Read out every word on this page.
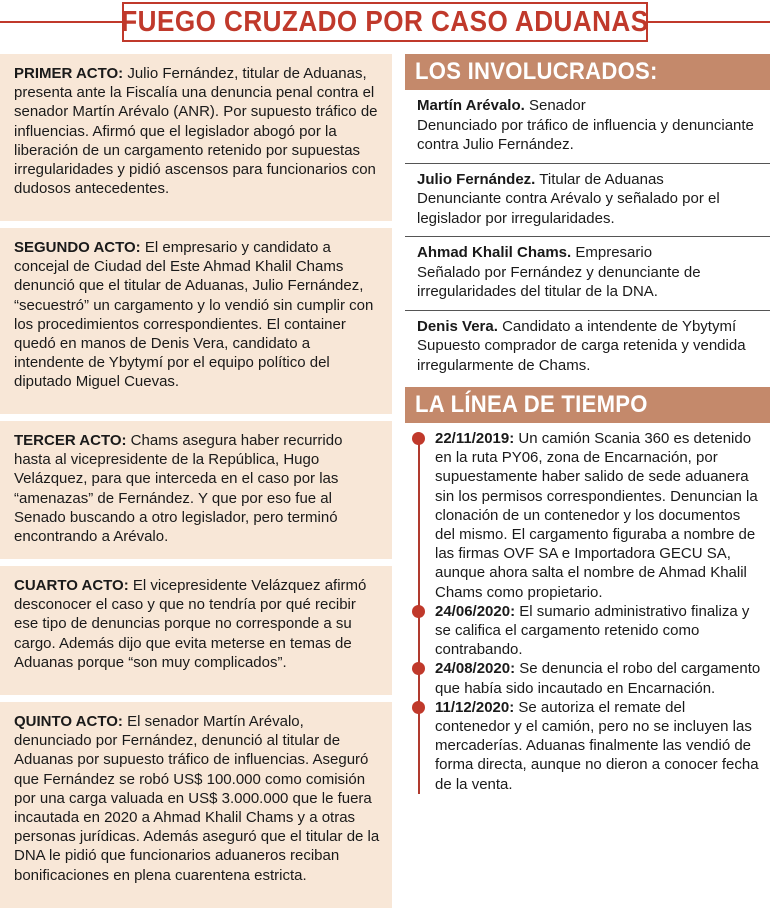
FUEGO CRUZADO POR CASO ADUANAS
PRIMER ACTO: Julio Fernández, titular de Aduanas, presenta ante la Fiscalía una denuncia penal contra el senador Martín Arévalo (ANR). Por supuesto tráfico de influencias. Afirmó que el legislador abogó por la liberación de un cargamento retenido por supuestas irregularidades y pidió ascensos para funcionarios con dudosos antecedentes.
SEGUNDO ACTO: El empresario y candidato a concejal de Ciudad del Este Ahmad Khalil Chams denunció que el titular de Aduanas, Julio Fernández, “secuestró” un cargamento y lo vendió sin cumplir con los procedimientos correspondientes. El container quedó en manos de Denis Vera, candidato a intendente de Ybytymí por el equipo político del diputado Miguel Cuevas.
TERCER ACTO: Chams asegura haber recurrido hasta al vicepresidente de la República, Hugo Velázquez, para que interceda en el caso por las “amenazas” de Fernández. Y que por eso fue al Senado buscando a otro legislador, pero terminó encontrando a Arévalo.
CUARTO ACTO: El vicepresidente Velázquez afirmó desconocer el caso y que no tendría por qué recibir ese tipo de denuncias porque no corresponde a su cargo. Además dijo que evita meterse en temas de Aduanas porque “son muy complicados”.
QUINTO ACTO: El senador Martín Arévalo, denunciado por Fernández, denunció al titular de Aduanas por supuesto tráfico de influencias. Aseguró que Fernández se robó US$ 100.000 como comisión por una carga valuada en US$ 3.000.000 que le fuera incautada en 2020 a Ahmad Khalil Chams y a otras personas jurídicas. Además aseguró que el titular de la DNA le pidió que funcionarios aduaneros reciban bonificaciones en plena cuarentena estricta.
LOS INVOLUCRADOS:
Martín Arévalo. Senador
Denunciado por tráfico de influencia y denunciante contra Julio Fernández.
Julio Fernández. Titular de Aduanas
Denunciante contra Arévalo y señalado por el legislador por irregularidades.
Ahmad Khalil Chams. Empresario
Señalado por Fernández y denunciante de irregularidades del titular de la DNA.
Denis Vera. Candidato a intendente de Ybytymí
Supuesto comprador de carga retenida y vendida irregularmente de Chams.
LA LÍNEA DE TIEMPO
22/11/2019: Un camión Scania 360 es detenido en la ruta PY06, zona de Encarnación, por supuestamente haber salido de sede aduanera sin los permisos correspondientes. Denuncian la clonación de un contenedor y los documentos del mismo. El cargamento figuraba a nombre de las firmas OVF SA e Importadora GECU SA, aunque ahora salta el nombre de Ahmad Khalil Chams como propietario.
24/06/2020: El sumario administrativo finaliza y se califica el cargamento retenido como contrabando.
24/08/2020: Se denuncia el robo del cargamento que había sido incautado en Encarnación.
11/12/2020: Se autoriza el remate del contenedor y el camión, pero no se incluyen las mercaderías. Aduanas finalmente las vendió de forma directa, aunque no dieron a conocer fecha de la venta.
